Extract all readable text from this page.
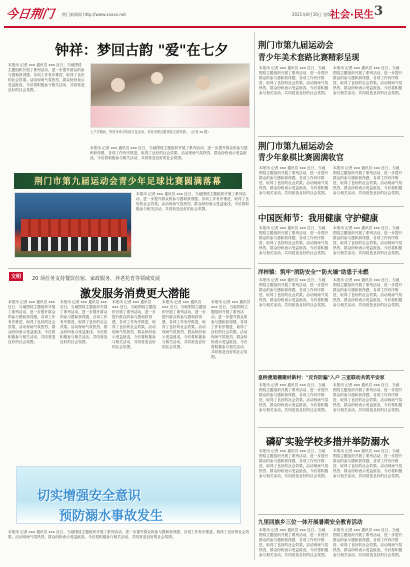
今日荆门 荆门新闻网 http://www.xxxxx.net	2021年8月16日 星期一
社会·民生 3
钟祥：梦回古韵 "爱"在七夕
本报讯 记者 xxx 通讯员 xxx 近日，当地围绕主题组织开展了系列活动，进一步提升群众的参与感和获得感，各项工作有序推进，取得了良好的社会效果。活动现场气氛热烈，群众纷纷表示受益匪浅，今后将积极参与相关活动，共同营造良好的社会氛围。
七夕节期间，钟祥市举办传统文化活动，市民身着汉服体验古韵风情。（记者 xx 摄）
本报讯 记者 xxx 通讯员 xxx 近日，当地围绕主题组织开展了系列活动，进一步提升群众的参与感和获得感，各项工作有序推进，取得了良好的社会效果。活动现场气氛热烈，群众纷纷表示受益匪浅，今后将积极参与相关活动，共同营造良好的社会氛围。
荆门市第九届运动会青少年足球比赛圆满落幕
本报讯 记者 xxx 通讯员 xxx 近日，当地围绕主题组织开展了系列活动，进一步提升群众的参与感和获得感，各项工作有序推进，取得了良好的社会效果。活动现场气氛热烈，群众纷纷表示受益匪浅，今后将积极参与相关活动，共同营造良好的社会氛围。
文明	20 项任务支持餐饮住宿、家政服务、养老托育等领域发展
激发服务消费更大潜能
本报讯 记者 xxx 通讯员 xxx 近日，当地围绕主题组织开展了系列活动，进一步提升群众的参与感和获得感，各项工作有序推进，取得了良好的社会效果。活动现场气氛热烈，群众纷纷表示受益匪浅，今后将积极参与相关活动，共同营造良好的社会氛围。
本报讯 记者 xxx 通讯员 xxx 近日，当地围绕主题组织开展了系列活动，进一步提升群众的参与感和获得感，各项工作有序推进，取得了良好的社会效果。活动现场气氛热烈，群众纷纷表示受益匪浅，今后将积极参与相关活动，共同营造良好的社会氛围。
本报讯 记者 xxx 通讯员 xxx 近日，当地围绕主题组织开展了系列活动，进一步提升群众的参与感和获得感，各项工作有序推进，取得了良好的社会效果。活动现场气氛热烈，群众纷纷表示受益匪浅，今后将积极参与相关活动，共同营造良好的社会氛围。
本报讯 记者 xxx 通讯员 xxx 近日，当地围绕主题组织开展了系列活动，进一步提升群众的参与感和获得感，各项工作有序推进，取得了良好的社会效果。活动现场气氛热烈，群众纷纷表示受益匪浅，今后将积极参与相关活动，共同营造良好的社会氛围。
本报讯 记者 xxx 通讯员 xxx 近日，当地围绕主题组织开展了系列活动，进一步提升群众的参与感和获得感，各项工作有序推进，取得了良好的社会效果。活动现场气氛热烈，群众纷纷表示受益匪浅，今后将积极参与相关活动，共同营造良好的社会氛围。
切实增强安全意识
预防溺水事故发生
本报讯 记者 xxx 通讯员 xxx 近日，当地围绕主题组织开展了系列活动，进一步提升群众的参与感和获得感，各项工作有序推进，取得了良好的社会效果。活动现场气氛热烈，群众纷纷表示受益匪浅，今后将积极参与相关活动，共同营造良好的社会氛围。
荆门市第九届运动会
青少年美术套路比赛精彩呈现
本报讯 记者 xxx 通讯员 xxx 近日，当地围绕主题组织开展了系列活动，进一步提升群众的参与感和获得感，各项工作有序推进，取得了良好的社会效果。活动现场气氛热烈，群众纷纷表示受益匪浅，今后将积极参与相关活动，共同营造良好的社会氛围。
本报讯 记者 xxx 通讯员 xxx 近日，当地围绕主题组织开展了系列活动，进一步提升群众的参与感和获得感，各项工作有序推进，取得了良好的社会效果。活动现场气氛热烈，群众纷纷表示受益匪浅，今后将积极参与相关活动，共同营造良好的社会氛围。
荆门市第九届运动会
青少年象棋比赛圆满收官
本报讯 记者 xxx 通讯员 xxx 近日，当地围绕主题组织开展了系列活动，进一步提升群众的参与感和获得感，各项工作有序推进，取得了良好的社会效果。活动现场气氛热烈，群众纷纷表示受益匪浅，今后将积极参与相关活动，共同营造良好的社会氛围。
本报讯 记者 xxx 通讯员 xxx 近日，当地围绕主题组织开展了系列活动，进一步提升群众的参与感和获得感，各项工作有序推进，取得了良好的社会效果。活动现场气氛热烈，群众纷纷表示受益匪浅，今后将积极参与相关活动，共同营造良好的社会氛围。
中国医师节：我用健康 守护健康
本报讯 记者 xxx 通讯员 xxx 近日，当地围绕主题组织开展了系列活动，进一步提升群众的参与感和获得感，各项工作有序推进，取得了良好的社会效果。活动现场气氛热烈，群众纷纷表示受益匪浅，今后将积极参与相关活动，共同营造良好的社会氛围。
本报讯 记者 xxx 通讯员 xxx 近日，当地围绕主题组织开展了系列活动，进一步提升群众的参与感和获得感，各项工作有序推进，取得了良好的社会效果。活动现场气氛热烈，群众纷纷表示受益匪浅，今后将积极参与相关活动，共同营造良好的社会氛围。
洋梓镇：筑牢"消防安全""防火墙"助患于未燃
本报讯 记者 xxx 通讯员 xxx 近日，当地围绕主题组织开展了系列活动，进一步提升群众的参与感和获得感，各项工作有序推进，取得了良好的社会效果。活动现场气氛热烈，群众纷纷表示受益匪浅，今后将积极参与相关活动，共同营造良好的社会氛围。
本报讯 记者 xxx 通讯员 xxx 近日，当地围绕主题组织开展了系列活动，进一步提升群众的参与感和获得感，各项工作有序推进，取得了良好的社会效果。活动现场气氛热烈，群众纷纷表示受益匪浅，今后将积极参与相关活动，共同营造良好的社会氛围。
皇桥渡道棚建材新村："反诈防骗"入户 三室联动共筑平安家
本报讯 记者 xxx 通讯员 xxx 近日，当地围绕主题组织开展了系列活动，进一步提升群众的参与感和获得感，各项工作有序推进，取得了良好的社会效果。活动现场气氛热烈，群众纷纷表示受益匪浅，今后将积极参与相关活动，共同营造良好的社会氛围。
本报讯 记者 xxx 通讯员 xxx 近日，当地围绕主题组织开展了系列活动，进一步提升群众的参与感和获得感，各项工作有序推进，取得了良好的社会效果。活动现场气氛热烈，群众纷纷表示受益匪浅，今后将积极参与相关活动，共同营造良好的社会氛围。
磷矿实验学校多措并举防溺水
本报讯 记者 xxx 通讯员 xxx 近日，当地围绕主题组织开展了系列活动，进一步提升群众的参与感和获得感，各项工作有序推进，取得了良好的社会效果。活动现场气氛热烈，群众纷纷表示受益匪浅，今后将积极参与相关活动，共同营造良好的社会氛围。
本报讯 记者 xxx 通讯员 xxx 近日，当地围绕主题组织开展了系列活动，进一步提升群众的参与感和获得感，各项工作有序推进，取得了良好的社会效果。活动现场气氛热烈，群众纷纷表示受益匪浅，今后将积极参与相关活动，共同营造良好的社会氛围。
九里回族乡三位一体开展暑期安全教育活动
本报讯 记者 xxx 通讯员 xxx 近日，当地围绕主题组织开展了系列活动，进一步提升群众的参与感和获得感，各项工作有序推进，取得了良好的社会效果。活动现场气氛热烈，群众纷纷表示受益匪浅，今后将积极参与相关活动，共同营造良好的社会氛围。
本报讯 记者 xxx 通讯员 xxx 近日，当地围绕主题组织开展了系列活动，进一步提升群众的参与感和获得感，各项工作有序推进，取得了良好的社会效果。活动现场气氛热烈，群众纷纷表示受益匪浅，今后将积极参与相关活动，共同营造良好的社会氛围。
